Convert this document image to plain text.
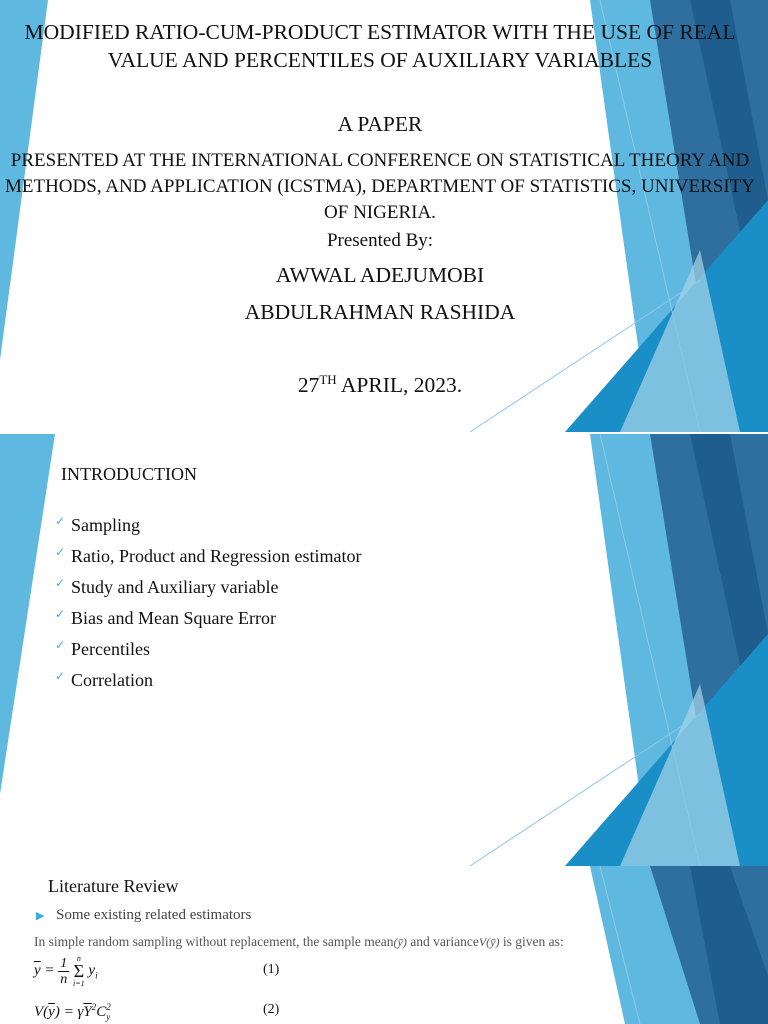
MODIFIED RATIO-CUM-PRODUCT ESTIMATOR WITH THE USE OF REAL VALUE AND PERCENTILES OF AUXILIARY VARIABLES
A PAPER
PRESENTED AT THE INTERNATIONAL CONFERENCE ON STATISTICAL THEORY AND METHODS, AND APPLICATION (ICSTMA), DEPARTMENT OF STATISTICS, UNIVERSITY OF NIGERIA.
Presented By:
AWWAL ADEJUMOBI
ABDULRAHMAN RASHIDA
27TH APRIL, 2023.
INTRODUCTION
✓ Sampling
✓ Ratio, Product and Regression estimator
✓ Study and Auxiliary variable
✓ Bias and Mean Square Error
✓ Percentiles
✓ Correlation
Literature Review
▶ Some existing related estimators
In simple random sampling without replacement, the sample mean(ȳ) and varianceV(ȳ) is given as:
$\overline{y} = \frac{1}{n}$ n
Σ
i=1
$y_i$	(1)
$V(\overline{y}) = \gamma\overline{Y}^2C_y^2$	(2)
